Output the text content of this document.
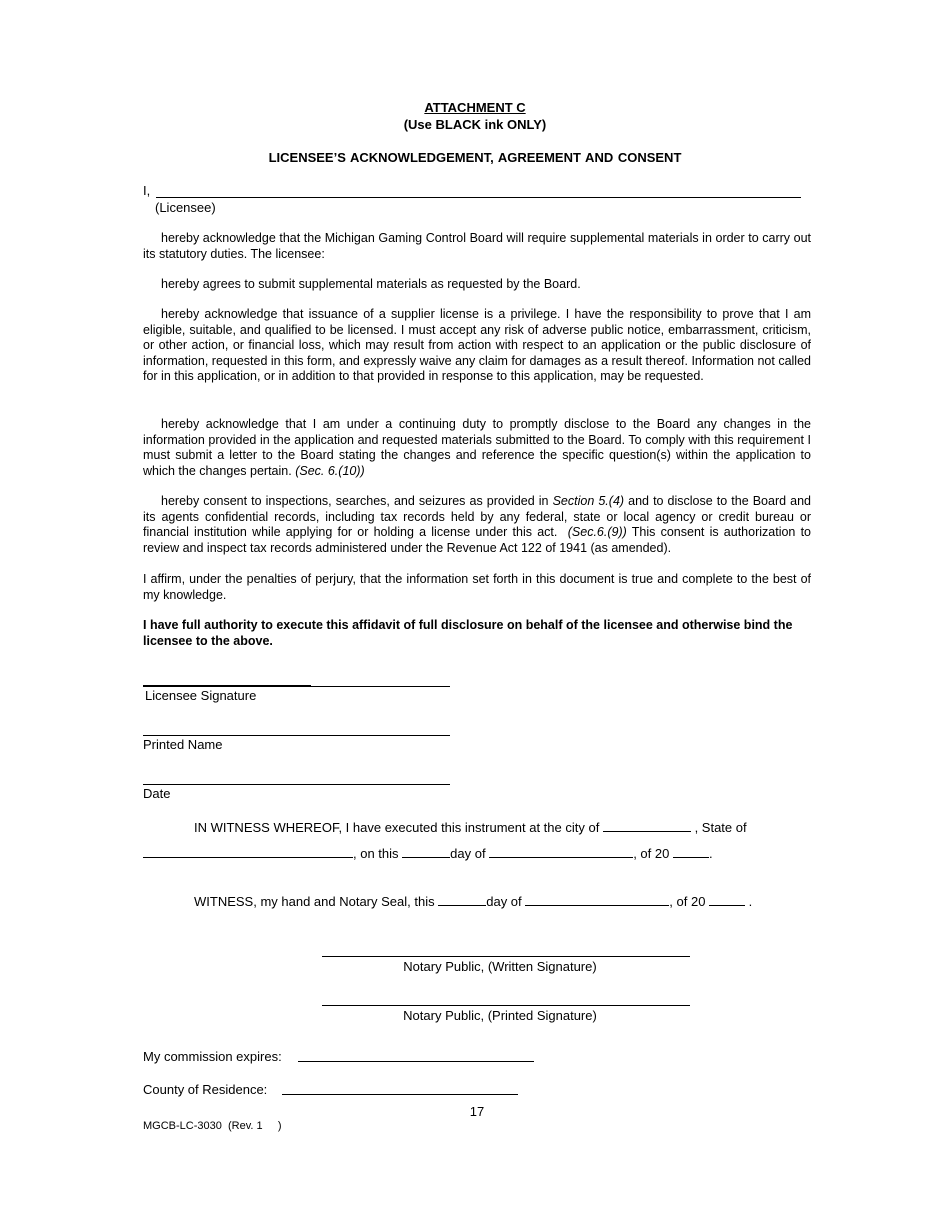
ATTACHMENT C
(Use BLACK ink ONLY)
LICENSEE’S ACKNOWLEDGEMENT, AGREEMENT AND CONSENT
I,
(Licensee)

hereby acknowledge that the Michigan Gaming Control Board will require supplemental materials in order to carry out its statutory duties. The licensee:

hereby agrees to submit supplemental materials as requested by the Board.

hereby acknowledge that issuance of a supplier license is a privilege. I have the responsibility to prove that I am eligible, suitable, and qualified to be licensed. I must accept any risk of adverse public notice, embarrassment, criticism, or other action, or financial loss, which may result from action with respect to an application or the public disclosure of information, requested in this form, and expressly waive any claim for damages as a result thereof. Information not called for in this application, or in addition to that provided in response to this application, may be requested.

hereby acknowledge that I am under a continuing duty to promptly disclose to the Board any changes in the information provided in the application and requested materials submitted to the Board. To comply with this requirement I must submit a letter to the Board stating the changes and reference the specific question(s) within the application to which the changes pertain. (Sec. 6.(10))

hereby consent to inspections, searches, and seizures as provided in Section 5.(4) and to disclose to the Board and its agents confidential records, including tax records held by any federal, state or local agency or credit bureau or financial institution while applying for or holding a license under this act. (Sec.6.(9)) This consent is authorization to review and inspect tax records administered under the Revenue Act 122 of 1941 (as amended).

I affirm, under the penalties of perjury, that the information set forth in this document is true and complete to the best of my knowledge.

I have full authority to execute this affidavit of full disclosure on behalf of the licensee and otherwise bind the licensee to the above.

Licensee Signature
Printed Name
Date
IN WITNESS WHEREOF, I have executed this instrument at the city of	, State of
, on this	day of	, of 20	.
WITNESS, my hand and Notary Seal, this	day of	, of 20	.
Notary Public, (Written Signature)
Notary Public, (Printed Signature)
My commission expires:
County of Residence:
17
MGCB-LC-3030  (Rev. 1     )
